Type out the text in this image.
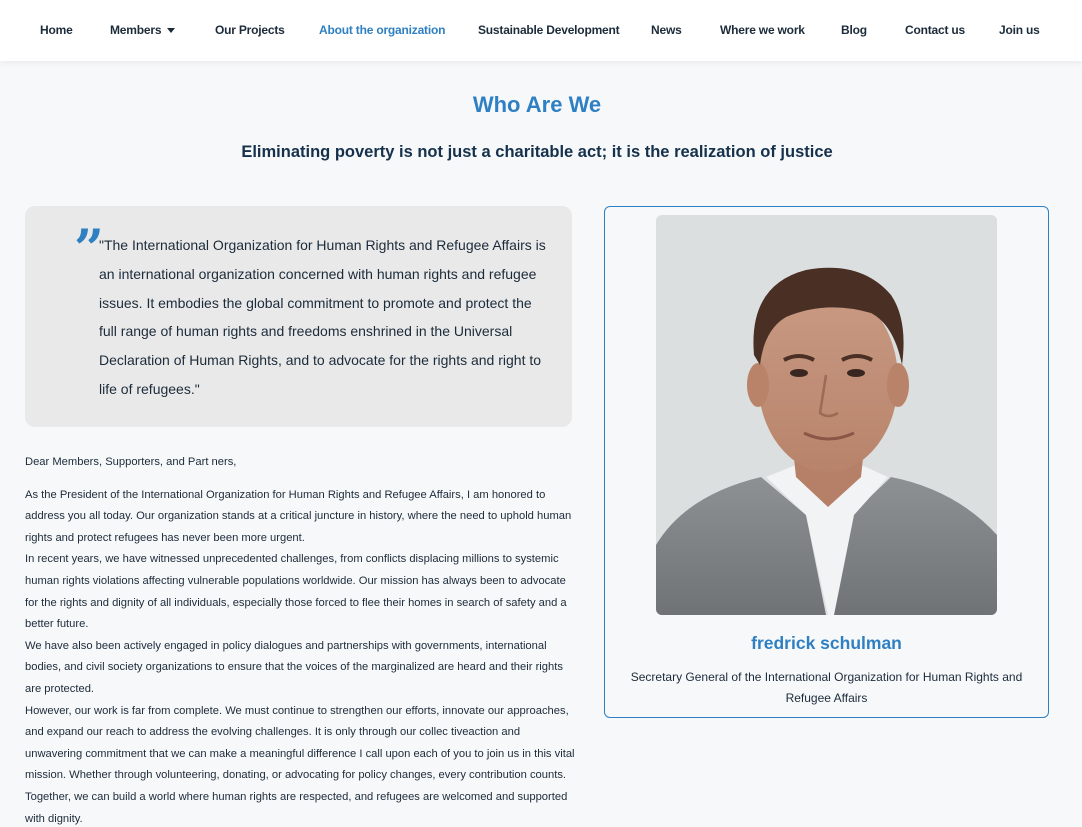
Home	Members	Our Projects	About the organization	Sustainable Development	News	Where we work	Blog	Contact us	Join us
Who Are We
Eliminating poverty is not just a charitable act; it is the realization of justice
”

"The International Organization for Human Rights and Refugee Affairs is an international organization concerned with human rights and refugee issues. It embodies the global commitment to promote and protect the full range of human rights and freedoms enshrined in the Universal Declaration of Human Rights, and to advocate for the rights and right to life of refugees."

Dear Members, Supporters, and Part ners,

As the President of the International Organization for Human Rights and Refugee Affairs, I am honored to address you all today. Our organization stands at a critical juncture in history, where the need to uphold human rights and protect refugees has never been more urgent.

In recent years, we have witnessed unprecedented challenges, from conflicts displacing millions to systemic human rights violations affecting vulnerable populations worldwide. Our mission has always been to advocate for the rights and dignity of all individuals, especially those forced to flee their homes in search of safety and a better future.

We have also been actively engaged in policy dialogues and partnerships with governments, international bodies, and civil society organizations to ensure that the voices of the marginalized are heard and their rights are protected.

However, our work is far from complete. We must continue to strengthen our efforts, innovate our approaches, and expand our reach to address the evolving challenges. It is only through our collec tiveaction and unwavering commitment that we can make a meaningful difference I call upon each of you to join us in this vital mission. Whether through volunteering, donating, or advocating for policy changes, every contribution counts. Together, we can build a world where human rights are respected, and refugees are welcomed and supported with dignity.

fredrick schulman
Secretary General of the International Organization for Human Rights and Refugee Affairs
